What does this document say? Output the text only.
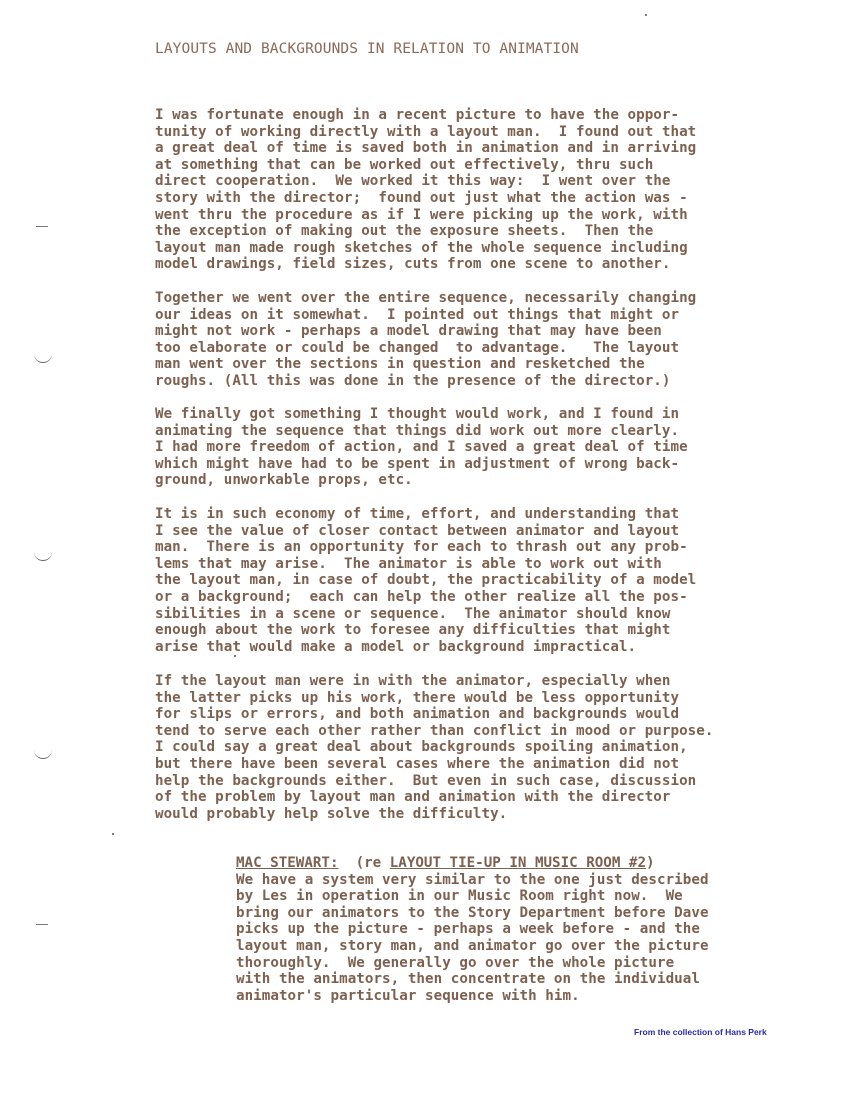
LAYOUTS AND BACKGROUNDS IN RELATION TO ANIMATION
I was fortunate enough in a recent picture to have the oppor-
tunity of working directly with a layout man.  I found out that
a great deal of time is saved both in animation and in arriving
at something that can be worked out effectively, thru such
direct cooperation.  We worked it this way:  I went over the
story with the director;  found out just what the action was -
went thru the procedure as if I were picking up the work, with
the exception of making out the exposure sheets.  Then the
layout man made rough sketches of the whole sequence including
model drawings, field sizes, cuts from one scene to another.
Together we went over the entire sequence, necessarily changing
our ideas on it somewhat.  I pointed out things that might or
might not work - perhaps a model drawing that may have been
too elaborate or could be changed  to advantage.   The layout
man went over the sections in question and resketched the
roughs. (All this was done in the presence of the director.)
We finally got something I thought would work, and I found in
animating the sequence that things did work out more clearly.
I had more freedom of action, and I saved a great deal of time
which might have had to be spent in adjustment of wrong back-
ground, unworkable props, etc.
It is in such economy of time, effort, and understanding that
I see the value of closer contact between animator and layout
man.  There is an opportunity for each to thrash out any prob-
lems that may arise.  The animator is able to work out with
the layout man, in case of doubt, the practicability of a model
or a background;  each can help the other realize all the pos-
sibilities in a scene or sequence.  The animator should know
enough about the work to foresee any difficulties that might
arise that would make a model or background impractical.
If the layout man were in with the animator, especially when
the latter picks up his work, there would be less opportunity
for slips or errors, and both animation and backgrounds would
tend to serve each other rather than conflict in mood or purpose.
I could say a great deal about backgrounds spoiling animation,
but there have been several cases where the animation did not
help the backgrounds either.  But even in such case, discussion
of the problem by layout man and animation with the director
would probably help solve the difficulty.
MAC STEWART: (re LAYOUT TIE-UP IN MUSIC ROOM #2)
We have a system very similar to the one just described
by Les in operation in our Music Room right now.  We
bring our animators to the Story Department before Dave
picks up the picture - perhaps a week before - and the
layout man, story man, and animator go over the picture
thoroughly.  We generally go over the whole picture
with the animators, then concentrate on the individual
animator's particular sequence with him.
From the collection of Hans Perk
